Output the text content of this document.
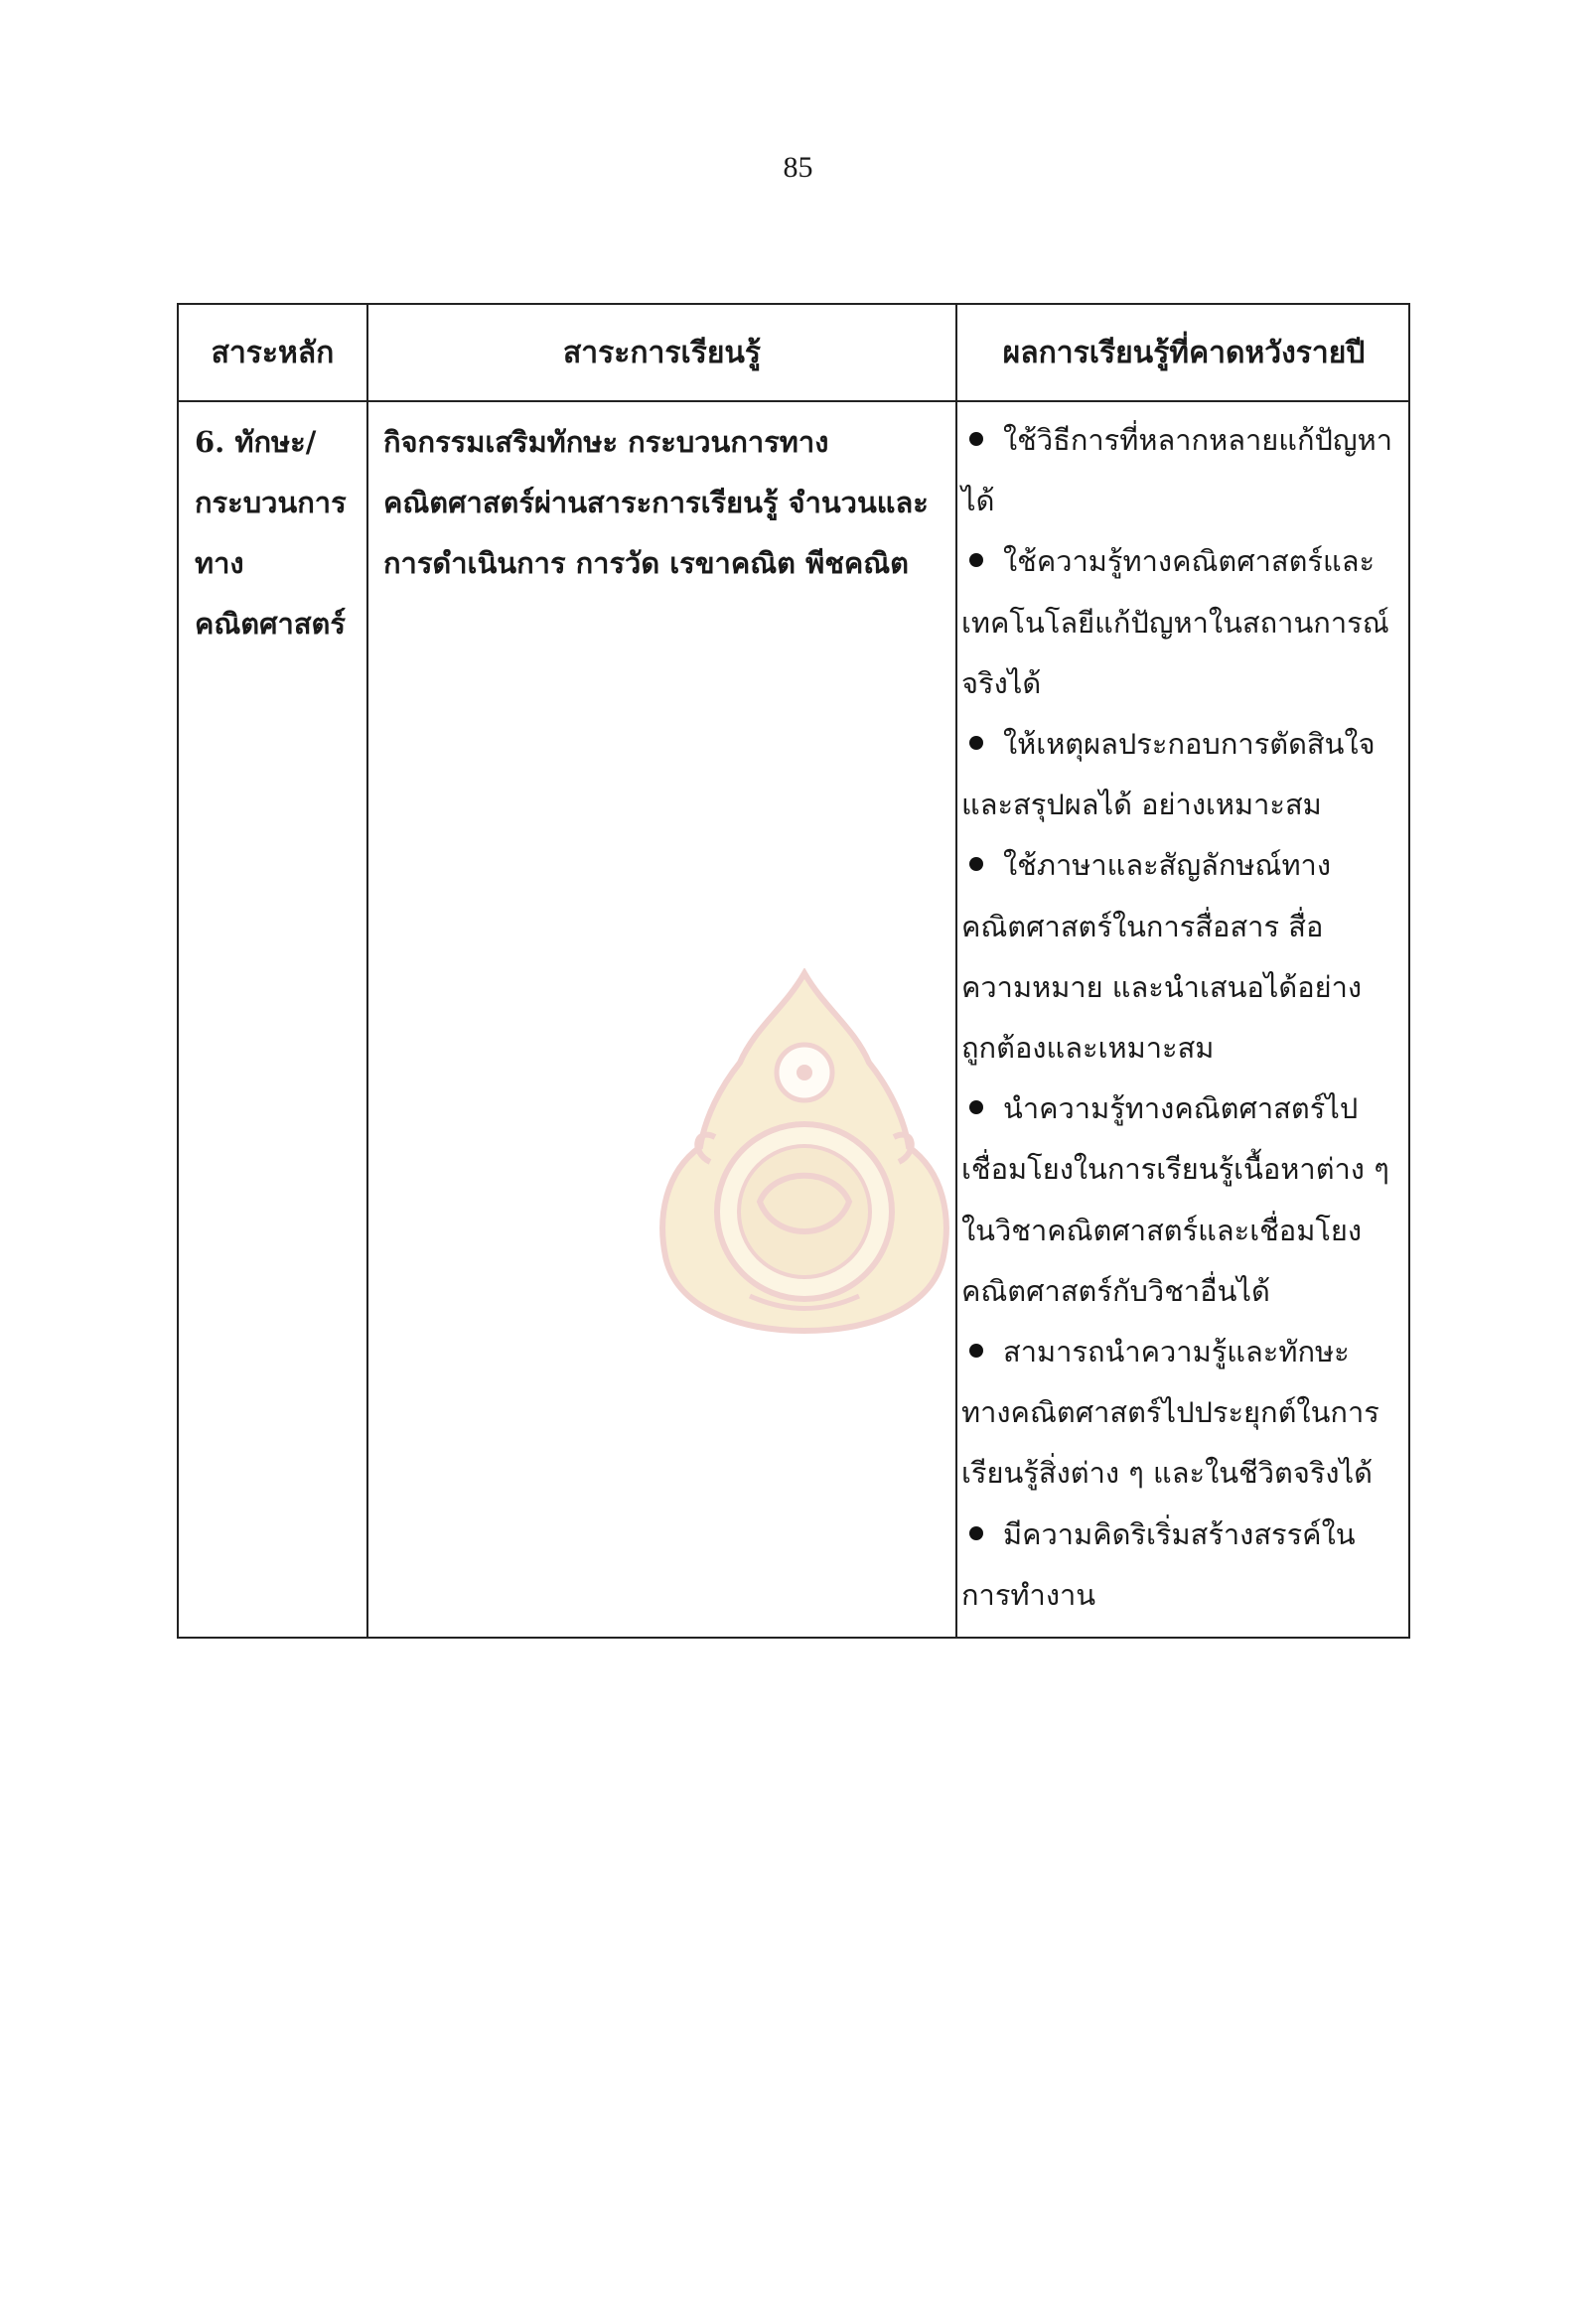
85
สาระหลัก	สาระการเรียนรู้	ผลการเรียนรู้ที่คาดหวังรายปี
6. ทักษะ/
กระบวนการ
ทาง
คณิตศาสตร์
กิจกรรมเสริมทักษะ กระบวนการทาง
คณิตศาสตร์ผ่านสาระการเรียนรู้ จำนวนและ
การดำเนินการ การวัด เรขาคณิต พีชคณิต
ใช้วิธีการที่หลากหลายแก้ปัญหา
ได้
ใช้ความรู้ทางคณิตศาสตร์และ
เทคโนโลยีแก้ปัญหาในสถานการณ์
จริงได้
ให้เหตุผลประกอบการตัดสินใจ
และสรุปผลได้ อย่างเหมาะสม
ใช้ภาษาและสัญลักษณ์ทาง
คณิตศาสตร์ในการสื่อสาร สื่อ
ความหมาย และนำเสนอได้อย่าง
ถูกต้องและเหมาะสม
นำความรู้ทางคณิตศาสตร์ไป
เชื่อมโยงในการเรียนรู้เนื้อหาต่าง ๆ
ในวิชาคณิตศาสตร์และเชื่อมโยง
คณิตศาสตร์กับวิชาอื่นได้
สามารถนำความรู้และทักษะ
ทางคณิตศาสตร์ไปประยุกต์ในการ
เรียนรู้สิ่งต่าง ๆ และในชีวิตจริงได้
มีความคิดริเริ่มสร้างสรรค์ใน
การทำงาน
